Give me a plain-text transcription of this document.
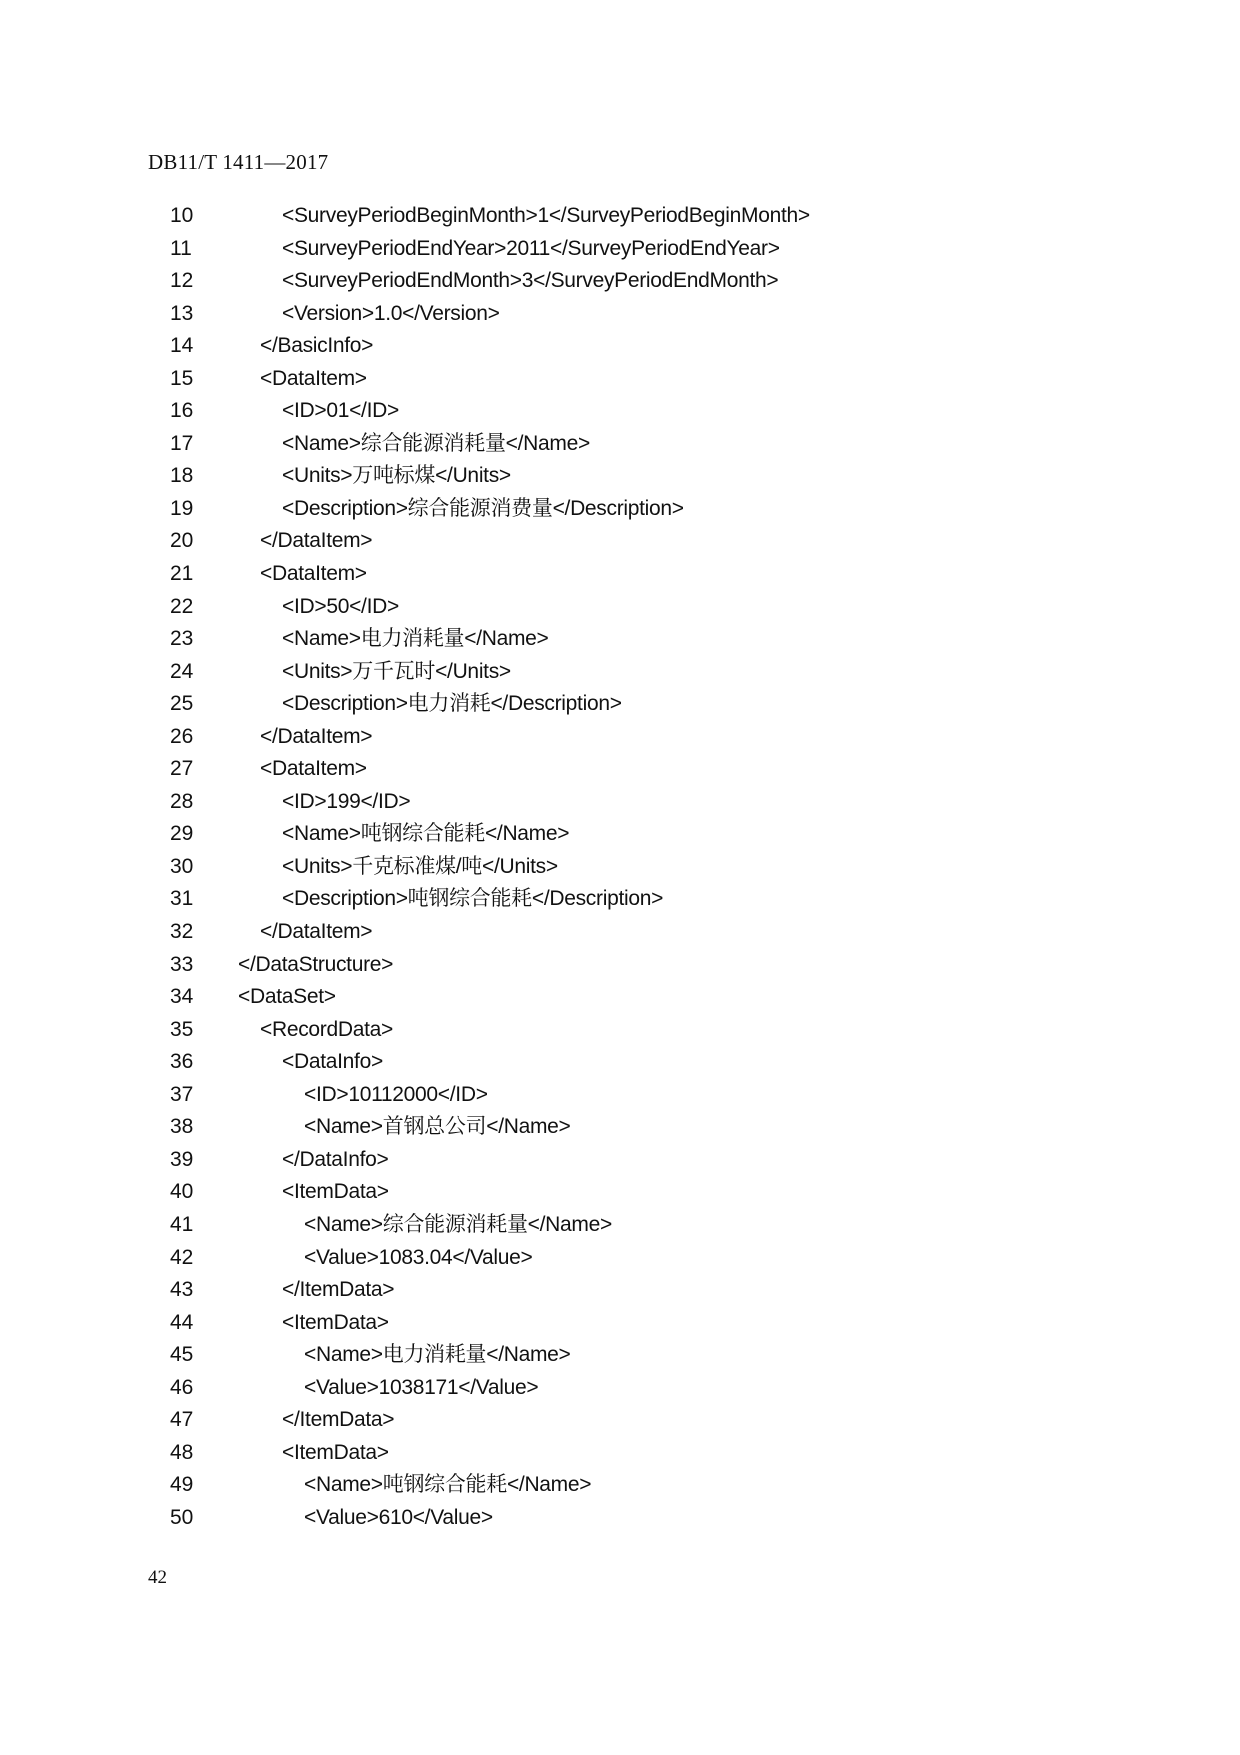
DB11/T 1411—2017
10	<SurveyPeriodBeginMonth>1</SurveyPeriodBeginMonth>
11	<SurveyPeriodEndYear>2011</SurveyPeriodEndYear>
12	<SurveyPeriodEndMonth>3</SurveyPeriodEndMonth>
13	<Version>1.0</Version>
14	</BasicInfo>
15	<DataItem>
16	<ID>01</ID>
17	<Name>综合能源消耗量</Name>
18	<Units>万吨标煤</Units>
19	<Description>综合能源消费量</Description>
20	</DataItem>
21	<DataItem>
22	<ID>50</ID>
23	<Name>电力消耗量</Name>
24	<Units>万千瓦时</Units>
25	<Description>电力消耗</Description>
26	</DataItem>
27	<DataItem>
28	<ID>199</ID>
29	<Name>吨钢综合能耗</Name>
30	<Units>千克标准煤/吨</Units>
31	<Description>吨钢综合能耗</Description>
32	</DataItem>
33 </DataStructure>
34 <DataSet>
35	<RecordData>
36	<DataInfo>
37	<ID>10112000</ID>
38	<Name>首钢总公司</Name>
39	</DataInfo>
40	<ItemData>
41	<Name>综合能源消耗量</Name>
42	<Value>1083.04</Value>
43	</ItemData>
44	<ItemData>
45	<Name>电力消耗量</Name>
46	<Value>1038171</Value>
47	</ItemData>
48	<ItemData>
49	<Name>吨钢综合能耗</Name>
50	<Value>610</Value>
42
